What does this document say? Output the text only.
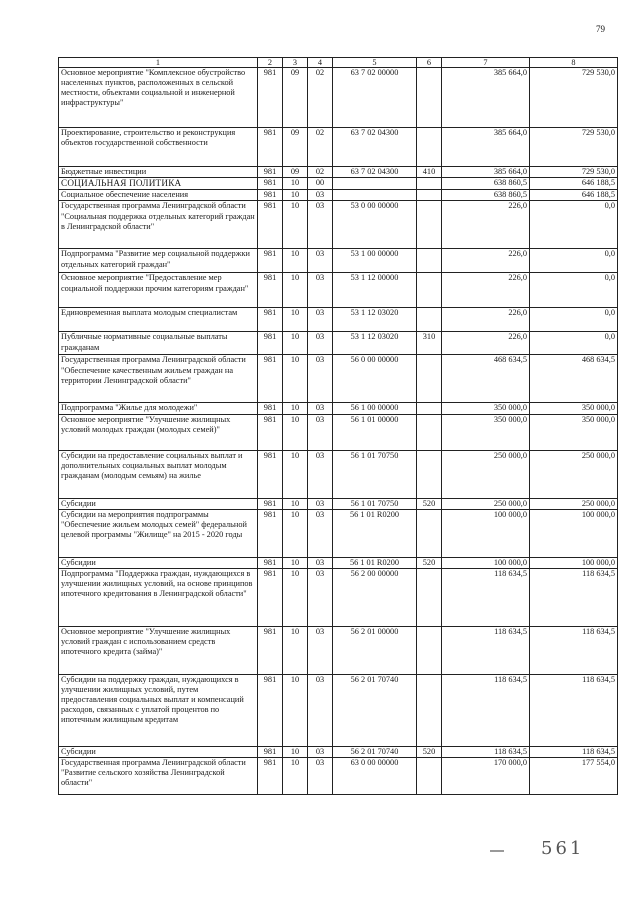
79
1	2	3	4	5	6	7	8
Основное мероприятие "Комплексное обустройство населенных пунктов, расположенных в сельской местности, объектами социальной и инженерной инфраструктуры"	981	09	02	63 7 02 00000		385 664,0	729 530,0
Проектирование, строительство и реконструкция объектов государственной собственности	981	09	02	63 7 02 04300		385 664,0	729 530,0
Бюджетные инвестиции	981	09	02	63 7 02 04300	410	385 664,0	729 530,0
СОЦИАЛЬНАЯ ПОЛИТИКА	981	10	00			638 860,5	646 188,5
Социальное обеспечение населения	981	10	03			638 860,5	646 188,5
Государственная программа Ленинградской области "Социальная поддержка отдельных категорий граждан в Ленинградской области"	981	10	03	53 0 00 00000		226,0	0,0
Подпрограмма "Развитие мер социальной поддержки отдельных категорий граждан"	981	10	03	53 1 00 00000		226,0	0,0
Основное мероприятие "Предоставление мер социальной поддержки прочим категориям граждан"	981	10	03	53 1 12 00000		226,0	0,0
Единовременная выплата молодым специалистам	981	10	03	53 1 12 03020		226,0	0,0
Публичные нормативные социальные выплаты гражданам	981	10	03	53 1 12 03020	310	226,0	0,0
Государственная программа Ленинградской области "Обеспечение качественным жильем граждан на территории Ленинградской области"	981	10	03	56 0 00 00000		468 634,5	468 634,5
Подпрограмма "Жилье для молодежи"	981	10	03	56 1 00 00000		350 000,0	350 000,0
Основное мероприятие "Улучшение жилищных условий молодых граждан (молодых семей)"	981	10	03	56 1 01 00000		350 000,0	350 000,0
Субсидии на предоставление социальных выплат и дополнительных социальных выплат молодым гражданам (молодым семьям) на жилье	981	10	03	56 1 01 70750		250 000,0	250 000,0
Субсидии	981	10	03	56 1 01 70750	520	250 000,0	250 000,0
Субсидии на мероприятия подпрограммы "Обеспечение жильем молодых семей" федеральной целевой программы "Жилище" на 2015 - 2020 годы	981	10	03	56 1 01 R0200		100 000,0	100 000,0
Субсидии	981	10	03	56 1 01 R0200	520	100 000,0	100 000,0
Подпрограмма "Поддержка граждан, нуждающихся в улучшении жилищных условий, на основе принципов ипотечного кредитования в Ленинградской области"	981	10	03	56 2 00 00000		118 634,5	118 634,5
Основное мероприятие "Улучшение жилищных условий граждан с использованием средств ипотечного кредита (займа)"	981	10	03	56 2 01 00000		118 634,5	118 634,5
Субсидии на поддержку граждан, нуждающихся в улучшении жилищных условий, путем предоставления социальных выплат и компенсаций расходов, связанных с уплатой процентов по ипотечным жилищным кредитам	981	10	03	56 2 01 70740		118 634,5	118 634,5
Субсидии	981	10	03	56 2 01 70740	520	118 634,5	118 634,5
Государственная программа Ленинградской области "Развитие сельского хозяйства Ленинградской области"	981	10	03	63 0 00 00000		170 000,0	177 554,0
561
